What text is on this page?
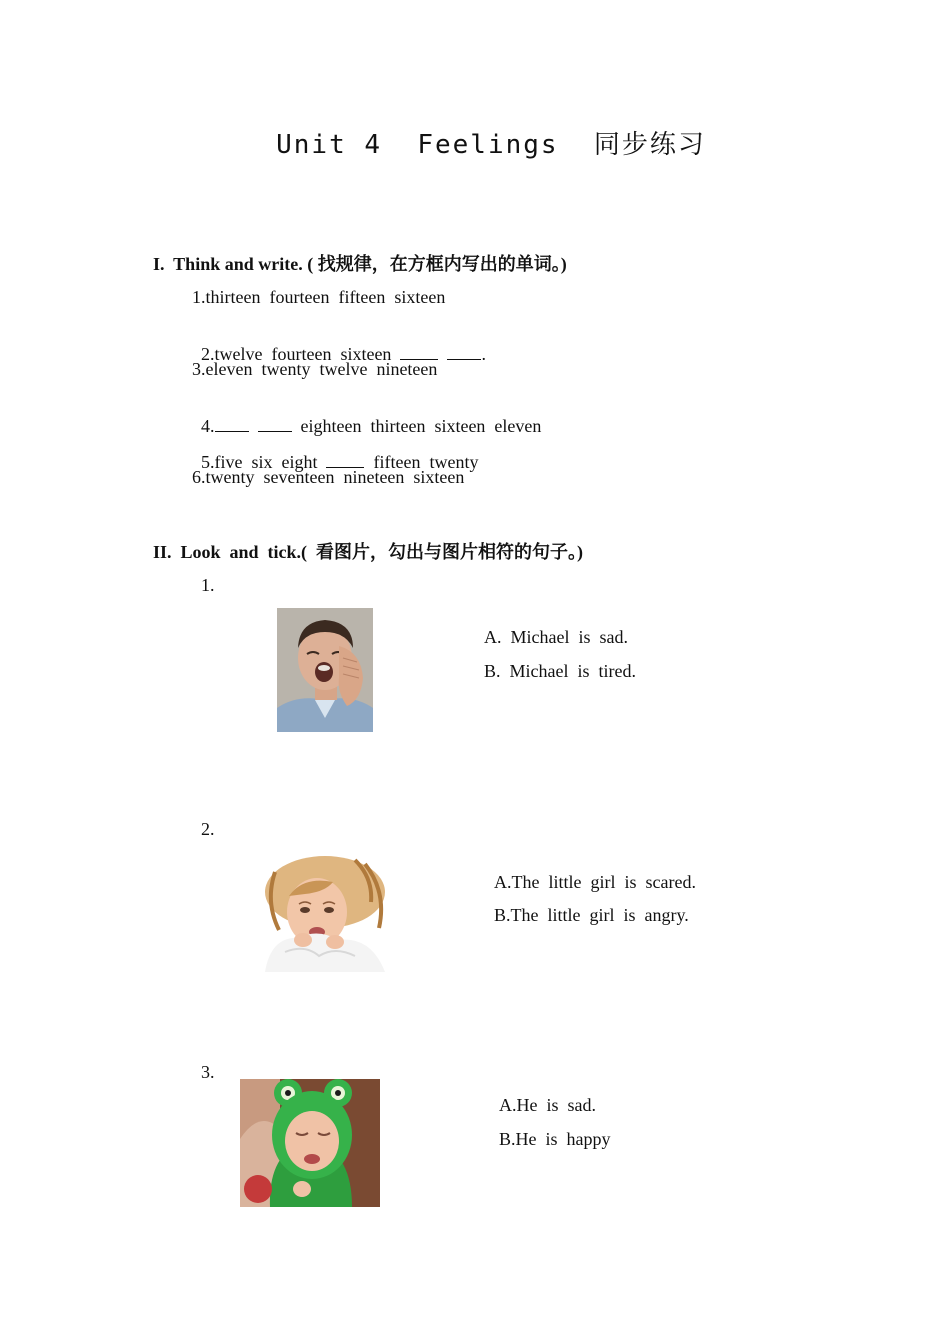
Unit 4  Feelings  同步练习
I.  Think and write. ( 找规律，在方框内写出的单词。)
1.thirteen  fourteen  fifteen  sixteen

2.twelve  fourteen  sixteen	.

3.eleven  twenty  twelve  nineteen

4.	eighteen  thirteen  sixteen  eleven

5.five  six  eight    fifteen  twenty

6.twenty  seventeen  nineteen  sixteen
II.  Look  and  tick.(  看图片，勾出与图片相符的句子。)
1.
A.  Michael  is  sad.
B.  Michael  is  tired.
2.
A.The  little  girl  is  scared.
B.The  little  girl  is  angry.
3.
A.He  is  sad.
B.He  is  happy
